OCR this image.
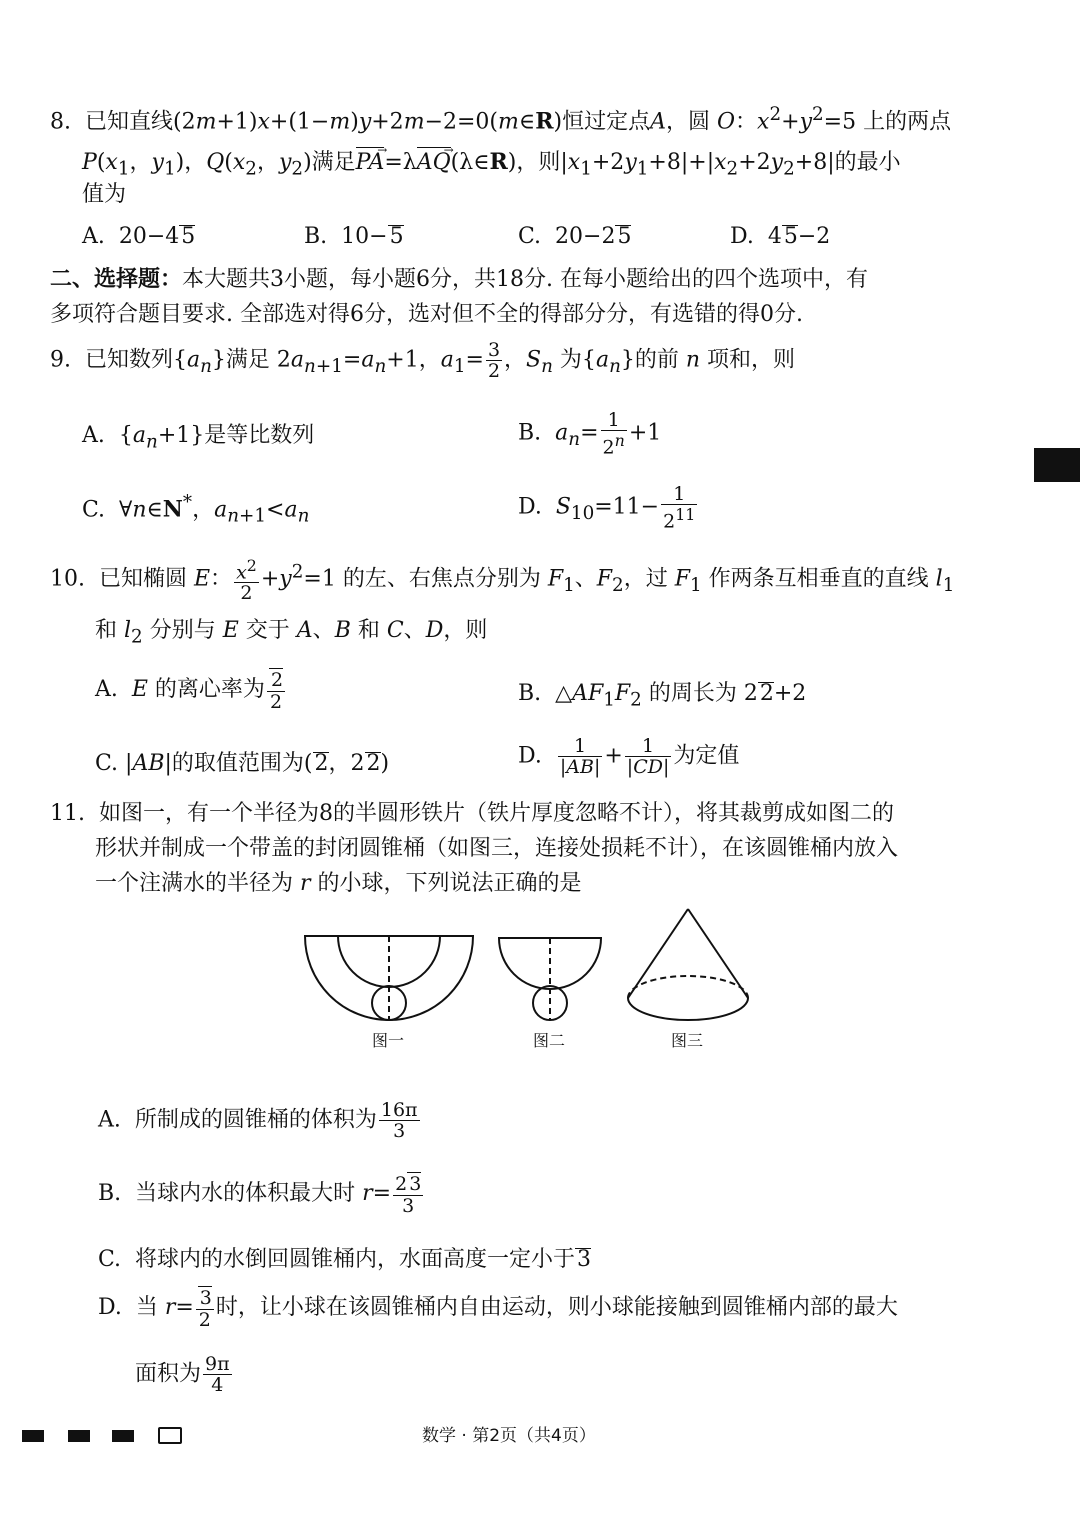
8.  已知直线(2m+1)x+(1−m)y+2m−2=0(m∈R)恒过定点A，圆 O：$x^2+y^2=5$ 上的两点
$P(x_1$，$y_1$)，$Q(x_2$，$y_2$)满足PA →=λAQ →(λ∈R)，则$|x_1+2y_1+8|+|x_2+2y_2+8|$的最小
值为
A.  20−45	B.  10−5	C.  20−25	D.  45−2
二、选择题：本大题共3小题，每小题6分，共18分. 在每小题给出的四个选项中，有
多项符合题目要求. 全部选对得6分，选对但不全的得部分分，有选错的得0分.
9.  已知数列$\{a_n\}$满足 $2a_{n+1}=a_n+1$，$a_1= \frac{3}{2}$ ，$S_n$ 为$\{a_n\}$的前 n 项和，则
A.  $\{a_n+1\}$是等比数列	B.  $a_n= \frac{1}{2^n} +1$
C.  ∀n∈N*，$a_{n+1}<a_n$	D.  $S_{10}=11- \frac{1}{2^{11}}$
10.  已知椭圆 E： $\frac{x^2}{2} +y^2=1$ 的左、右焦点分别为 $F_1$、$F_2$，过 $F_1$ 作两条互相垂直的直线 $l_1$
和 $l_2$ 分别与 E 交于 A、B 和 C、D，则
A.  E 的离心率为 $\frac{2}{2}$	B.  $\triangle AF_1F_2$ 的周长为 22+2
C. |AB|的取值范围为(2，22)	D. $\frac{1}{|AB|} + \frac{1}{|CD|}$ 为定值
11. 如图一，有一个半径为8的半圆形铁片（铁片厚度忽略不计），将其裁剪成如图二的
形状并制成一个带盖的封闭圆锥桶（如图三，连接处损耗不计），在该圆锥桶内放入
一个注满水的半径为 r 的小球，下列说法正确的是
图一	图二	图三
A.  所制成的圆锥桶的体积为 $\frac{16\pi}{3}$
B.  当球内水的体积最大时 $r= \frac{2 3}{3}$
C.  将球内的水倒回圆锥桶内，水面高度一定小于3
D.  当 $r= \frac{3}{2}$ 时，让小球在该圆锥桶内自由运动，则小球能接触到圆锥桶内部的最大
面积为 $\frac{9\pi}{4}$
数学 · 第2页（共4页）
